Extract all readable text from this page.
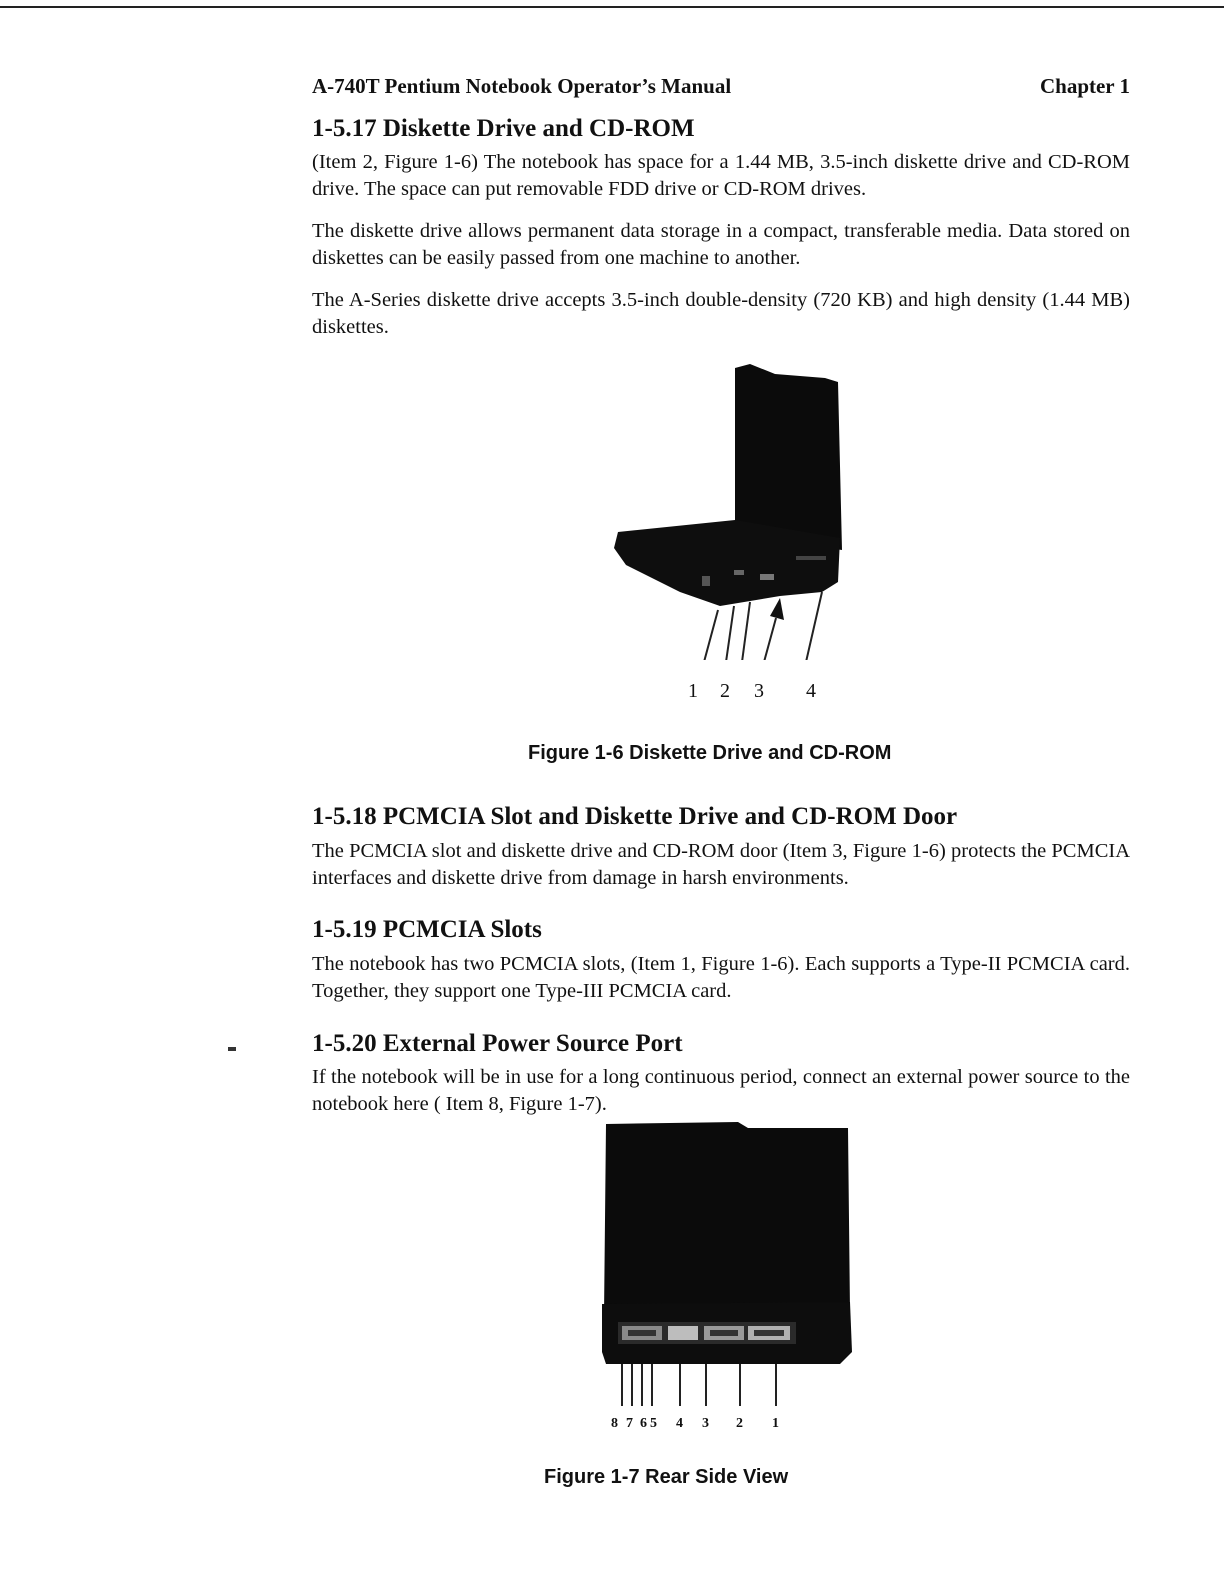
A-740T Pentium Notebook Operator’s Manual	Chapter 1
1-5.17 Diskette Drive and CD-ROM

(Item 2, Figure 1-6) The notebook has space for a 1.44 MB, 3.5-inch diskette drive and CD-ROM drive. The space can put removable FDD drive or CD-ROM drives.

The diskette drive allows permanent data storage in a compact, transferable media. Data stored on diskettes can be easily passed from one machine to another.

The A-Series diskette drive accepts 3.5-inch double-density (720 KB) and high density (1.44 MB) diskettes.

1 2 3 4
Figure 1-6 Diskette Drive and CD-ROM
1-5.18 PCMCIA Slot and Diskette Drive and CD-ROM Door

The PCMCIA slot and diskette drive and CD-ROM door (Item 3, Figure 1-6) protects the PCMCIA interfaces and diskette drive from damage in harsh environments.

1-5.19 PCMCIA Slots

The notebook has two PCMCIA slots, (Item 1, Figure 1-6). Each supports a Type-II PCMCIA card. Together, they support one Type-III PCMCIA card.

1-5.20 External Power Source Port

If the notebook will be in use for a long continuous period, connect an external power source to the notebook here ( Item 8, Figure 1-7).

8 7 6 5 4 3 2 1
Figure 1-7 Rear Side View
